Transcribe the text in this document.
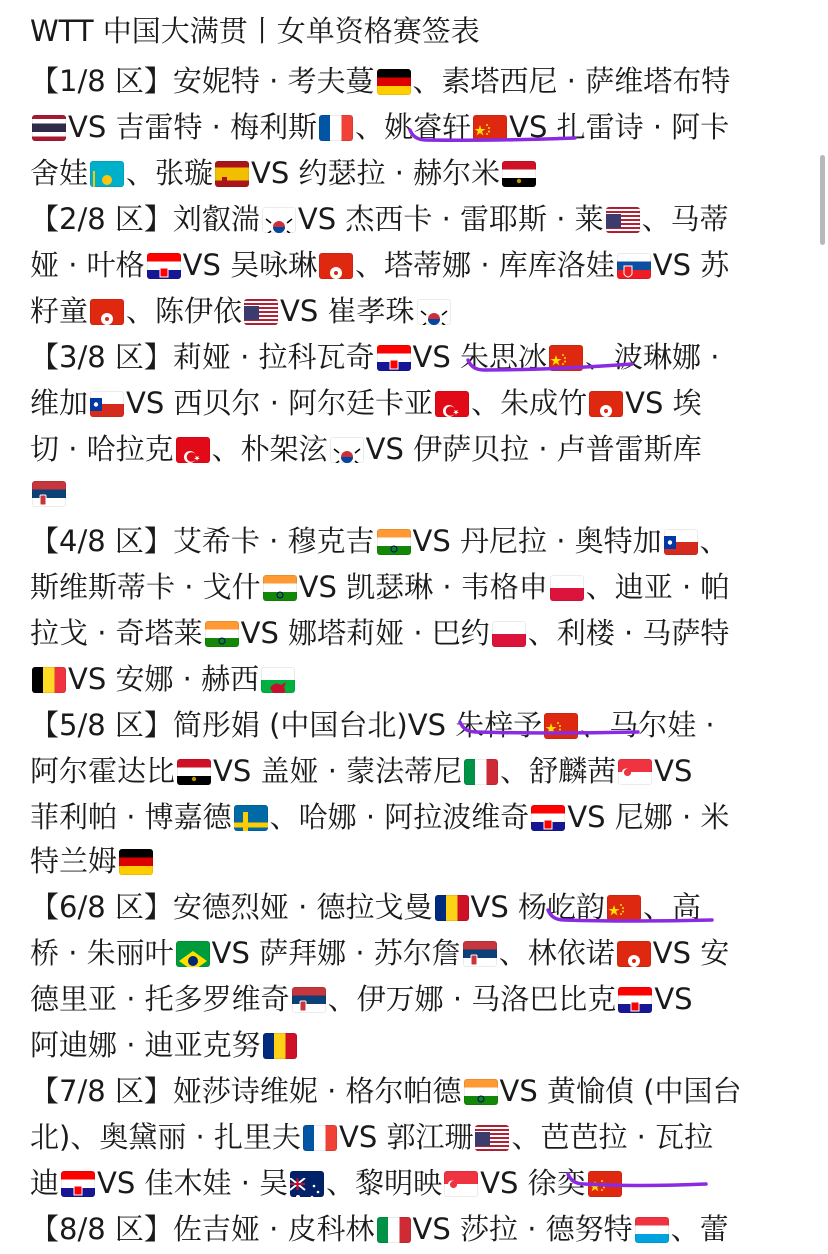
WTT 中国大满贯丨女单资格赛签表
【1/8 区】安妮特 · 考夫蔓 、素塔西尼 · 萨维塔布特
VS 吉雷特 · 梅利斯 、姚睿轩 VS 扎雷诗 · 阿卡
舍娃 、张璇 VS 约瑟拉 · 赫尔米
【2/8 区】刘叡湍 VS 杰西卡 · 雷耶斯 · 莱 、马蒂
娅 · 叶格 VS 吴咏琳 、塔蒂娜 · 库库洛娃 VS 苏
籽童 、陈伊依 VS 崔孝珠
【3/8 区】莉娅 · 拉科瓦奇 VS 朱思冰 、波琳娜 ·
维加 VS 西贝尔 · 阿尔廷卡亚 、朱成竹 VS 埃
切 · 哈拉克 、朴架泫 VS 伊萨贝拉 · 卢普雷斯库
【4/8 区】艾希卡 · 穆克吉 VS 丹尼拉 · 奥特加 、
斯维斯蒂卡 · 戈什 VS 凯瑟琳 · 韦格申 、迪亚 · 帕
拉戈 · 奇塔莱 VS 娜塔莉娅 · 巴约 、利楼 · 马萨特
VS 安娜 · 赫西
【5/8 区】简彤娟 (中国台北)VS 朱梓予 、马尔娃 ·
阿尔霍达比 VS 盖娅 · 蒙法蒂尼 、舒麟茜 VS
菲利帕 · 博嘉德 、哈娜 · 阿拉波维奇 VS 尼娜 · 米
特兰姆
【6/8 区】安德烈娅 · 德拉戈曼 VS 杨屹韵 、高
桥 · 朱丽叶 VS 萨拜娜 · 苏尔詹 、林依诺 VS 安
德里亚 · 托多罗维奇 、伊万娜 · 马洛巴比克 VS
阿迪娜 · 迪亚克努
【7/8 区】娅莎诗维妮 · 格尔帕德 VS 黄愉偵 (中国台
北)、奥黛丽 · 扎里夫 VS 郭江珊 、芭芭拉 · 瓦拉
迪 VS 佳木娃 · 吴 、黎明映 VS 徐奕
【8/8 区】佐吉娅 · 皮科林 VS 莎拉 · 德努特 、蕾
